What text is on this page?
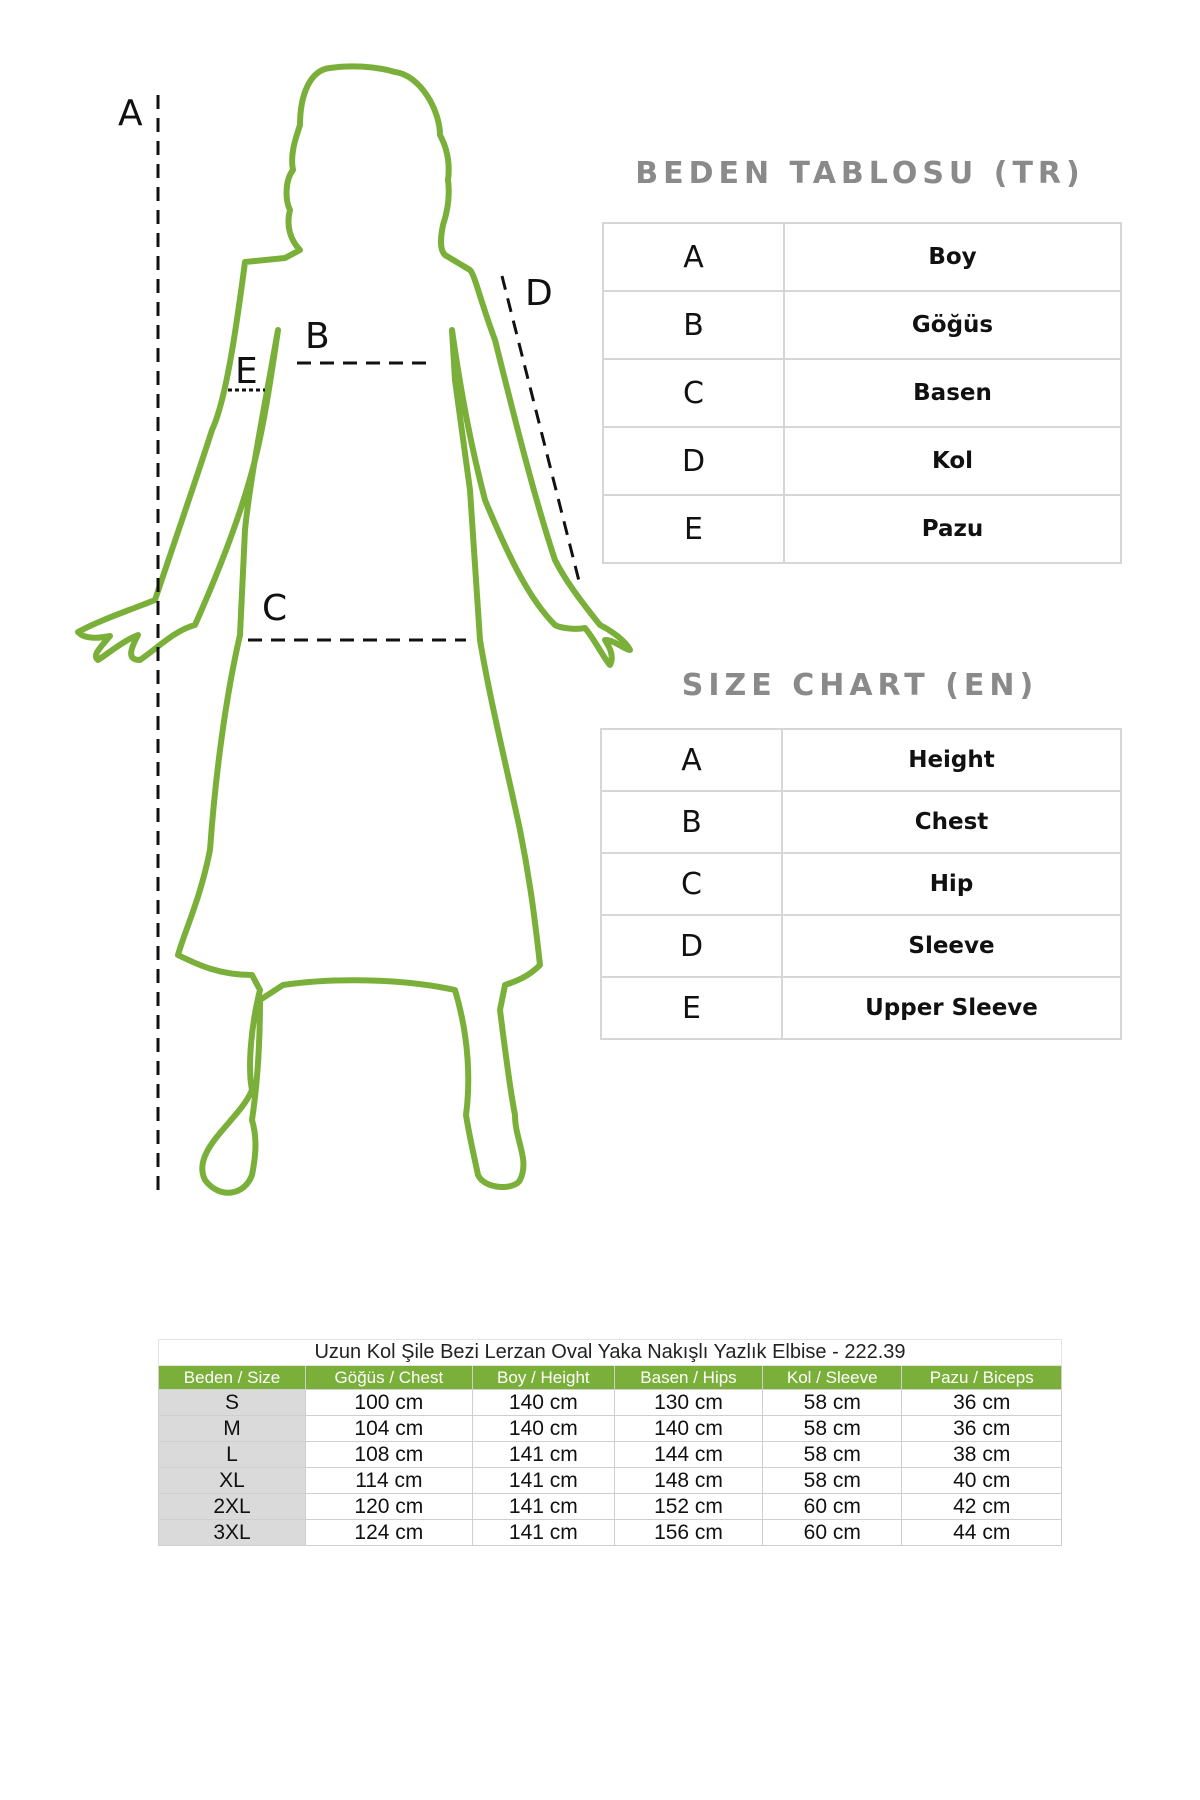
A
B
C
D
E
BEDEN TABLOSU (TR)
A	Boy
B	Göğüs
C	Basen
D	Kol
E	Pazu
SIZE CHART (EN)
A	Height
B	Chest
C	Hip
D	Sleeve
E	Upper Sleeve
Uzun Kol Şile Bezi Lerzan Oval Yaka Nakışlı Yazlık Elbise - 222.39					
Beden / Size	Göğüs / Chest	Boy / Height	Basen / Hips	Kol / Sleeve	Pazu / Biceps
S	100 cm	140 cm	130 cm	58 cm	36 cm
M	104 cm	140 cm	140 cm	58 cm	36 cm
L	108 cm	141 cm	144 cm	58 cm	38 cm
XL	114 cm	141 cm	148 cm	58 cm	40 cm
2XL	120 cm	141 cm	152 cm	60 cm	42 cm
3XL	124 cm	141 cm	156 cm	60 cm	44 cm
